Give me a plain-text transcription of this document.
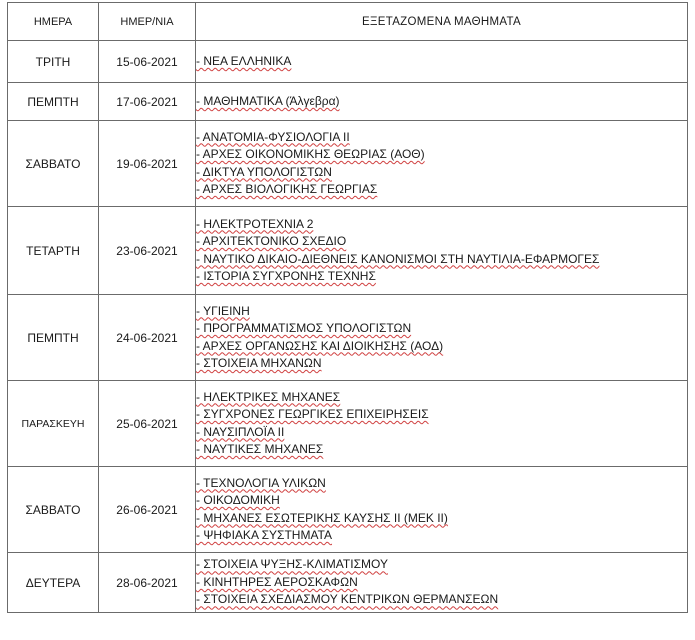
ΗΜΕΡΑ	ΗΜΕΡ/ΝΙΑ	ΕΞΕΤΑΖΟΜΕΝΑ ΜΑΘΗΜΑΤΑ
ΤΡΙΤΗ	15-06-2021	- ΝΕΑ ΕΛΛΗΝΙΚΑ

ΠΕΜΠΤΗ	17-06-2021	- ΜΑΘΗΜΑΤΙΚΑ (Άλγεβρα)

ΣΑΒΒΑΤΟ	19-06-2021	- ΑΝΑΤΟΜΙΑ-ΦΥΣΙΟΛΟΓΙΑ ΙΙ
- ΑΡΧΕΣ ΟΙΚΟΝΟΜΙΚΗΣ ΘΕΩΡΙΑΣ (ΑΟΘ)
- ΔΙΚΤΥΑ ΥΠΟΛΟΓΙΣΤΩΝ
- ΑΡΧΕΣ ΒΙΟΛΟΓΙΚΗΣ ΓΕΩΡΓΙΑΣ

ΤΕΤΑΡΤΗ	23-06-2021	- ΗΛΕΚΤΡΟΤΕΧΝΙΑ 2
- ΑΡΧΙΤΕΚΤΟΝΙΚΟ ΣΧΕΔΙΟ
- ΝΑΥΤΙΚΟ ΔΙΚΑΙΟ-ΔΙΕΘΝΕΙΣ ΚΑΝΟΝΙΣΜΟΙ ΣΤΗ ΝΑΥΤΙΛΙΑ-ΕΦΑΡΜΟΓΕΣ
- ΙΣΤΟΡΙΑ ΣΥΓΧΡΟΝΗΣ ΤΕΧΝΗΣ

ΠΕΜΠΤΗ	24-06-2021	- ΥΓΙΕΙΝΗ
- ΠΡΟΓΡΑΜΜΑΤΙΣΜΟΣ ΥΠΟΛΟΓΙΣΤΩΝ
- ΑΡΧΕΣ ΟΡΓΑΝΩΣΗΣ ΚΑΙ ΔΙΟΙΚΗΣΗΣ (ΑΟΔ)
- ΣΤΟΙΧΕΙΑ ΜΗΧΑΝΩΝ

ΠΑΡΑΣΚΕΥΗ	25-06-2021	- ΗΛΕΚΤΡΙΚΕΣ ΜΗΧΑΝΕΣ
- ΣΥΓΧΡΟΝΕΣ ΓΕΩΡΓΙΚΕΣ ΕΠΙΧΕΙΡΗΣΕΙΣ
- ΝΑΥΣΙΠΛΟΪΑ ΙΙ
- ΝΑΥΤΙΚΕΣ ΜΗΧΑΝΕΣ

ΣΑΒΒΑΤΟ	26-06-2021	- ΤΕΧΝΟΛΟΓΙΑ ΥΛΙΚΩΝ
- ΟΙΚΟΔΟΜΙΚΗ
- ΜΗΧΑΝΕΣ ΕΣΩΤΕΡΙΚΗΣ ΚΑΥΣΗΣ ΙΙ (ΜΕΚ ΙΙ)
- ΨΗΦΙΑΚΑ ΣΥΣΤΗΜΑΤΑ

ΔΕΥΤΕΡΑ	28-06-2021	- ΣΤΟΙΧΕΙΑ ΨΥΞΗΣ-ΚΛΙΜΑΤΙΣΜΟΥ
- ΚΙΝΗΤΗΡΕΣ ΑΕΡΟΣΚΑΦΩΝ
- ΣΤΟΙΧΕΙΑ ΣΧΕΔΙΑΣΜΟΥ ΚΕΝΤΡΙΚΩΝ ΘΕΡΜΑΝΣΕΩΝ
